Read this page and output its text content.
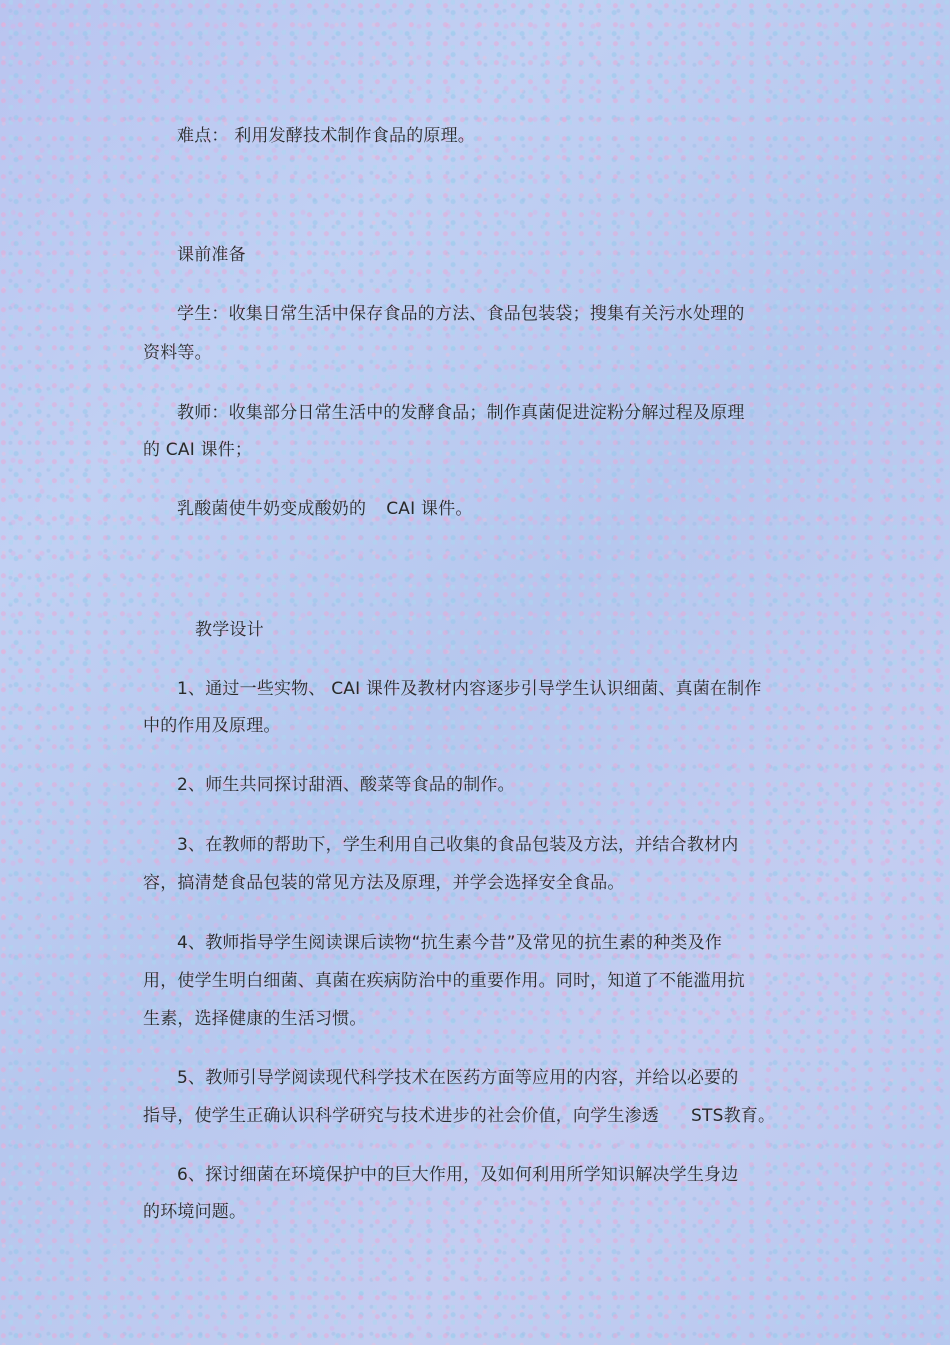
难点： 利用发酵技术制作食品的原理。
课前准备
学生：收集日常生活中保存食品的方法、食品包装袋；搜集有关污水处理的
资料等。
教师：收集部分日常生活中的发酵食品；制作真菌促进淀粉分解过程及原理
的 CAI 课件；
乳酸菌使牛奶变成酸奶的 CAI 课件。
教学设计
1、通过一些实物、 CAI 课件及教材内容逐步引导学生认识细菌、真菌在制作
中的作用及原理。
2、师生共同探讨甜酒、酸菜等食品的制作。
3、在教师的帮助下，学生利用自己收集的食品包装及方法，并结合教材内
容，搞清楚食品包装的常见方法及原理，并学会选择安全食品。
4、教师指导学生阅读课后读物“抗生素今昔”及常见的抗生素的种类及作
用，使学生明白细菌、真菌在疾病防治中的重要作用。同时，知道了不能滥用抗
生素，选择健康的生活习惯。
5、教师引导学阅读现代科学技术在医药方面等应用的内容，并给以必要的
指导，使学生正确认识科学研究与技术进步的社会价值，向学生渗透 STS教育。
6、探讨细菌在环境保护中的巨大作用，及如何利用所学知识解决学生身边
的环境问题。
